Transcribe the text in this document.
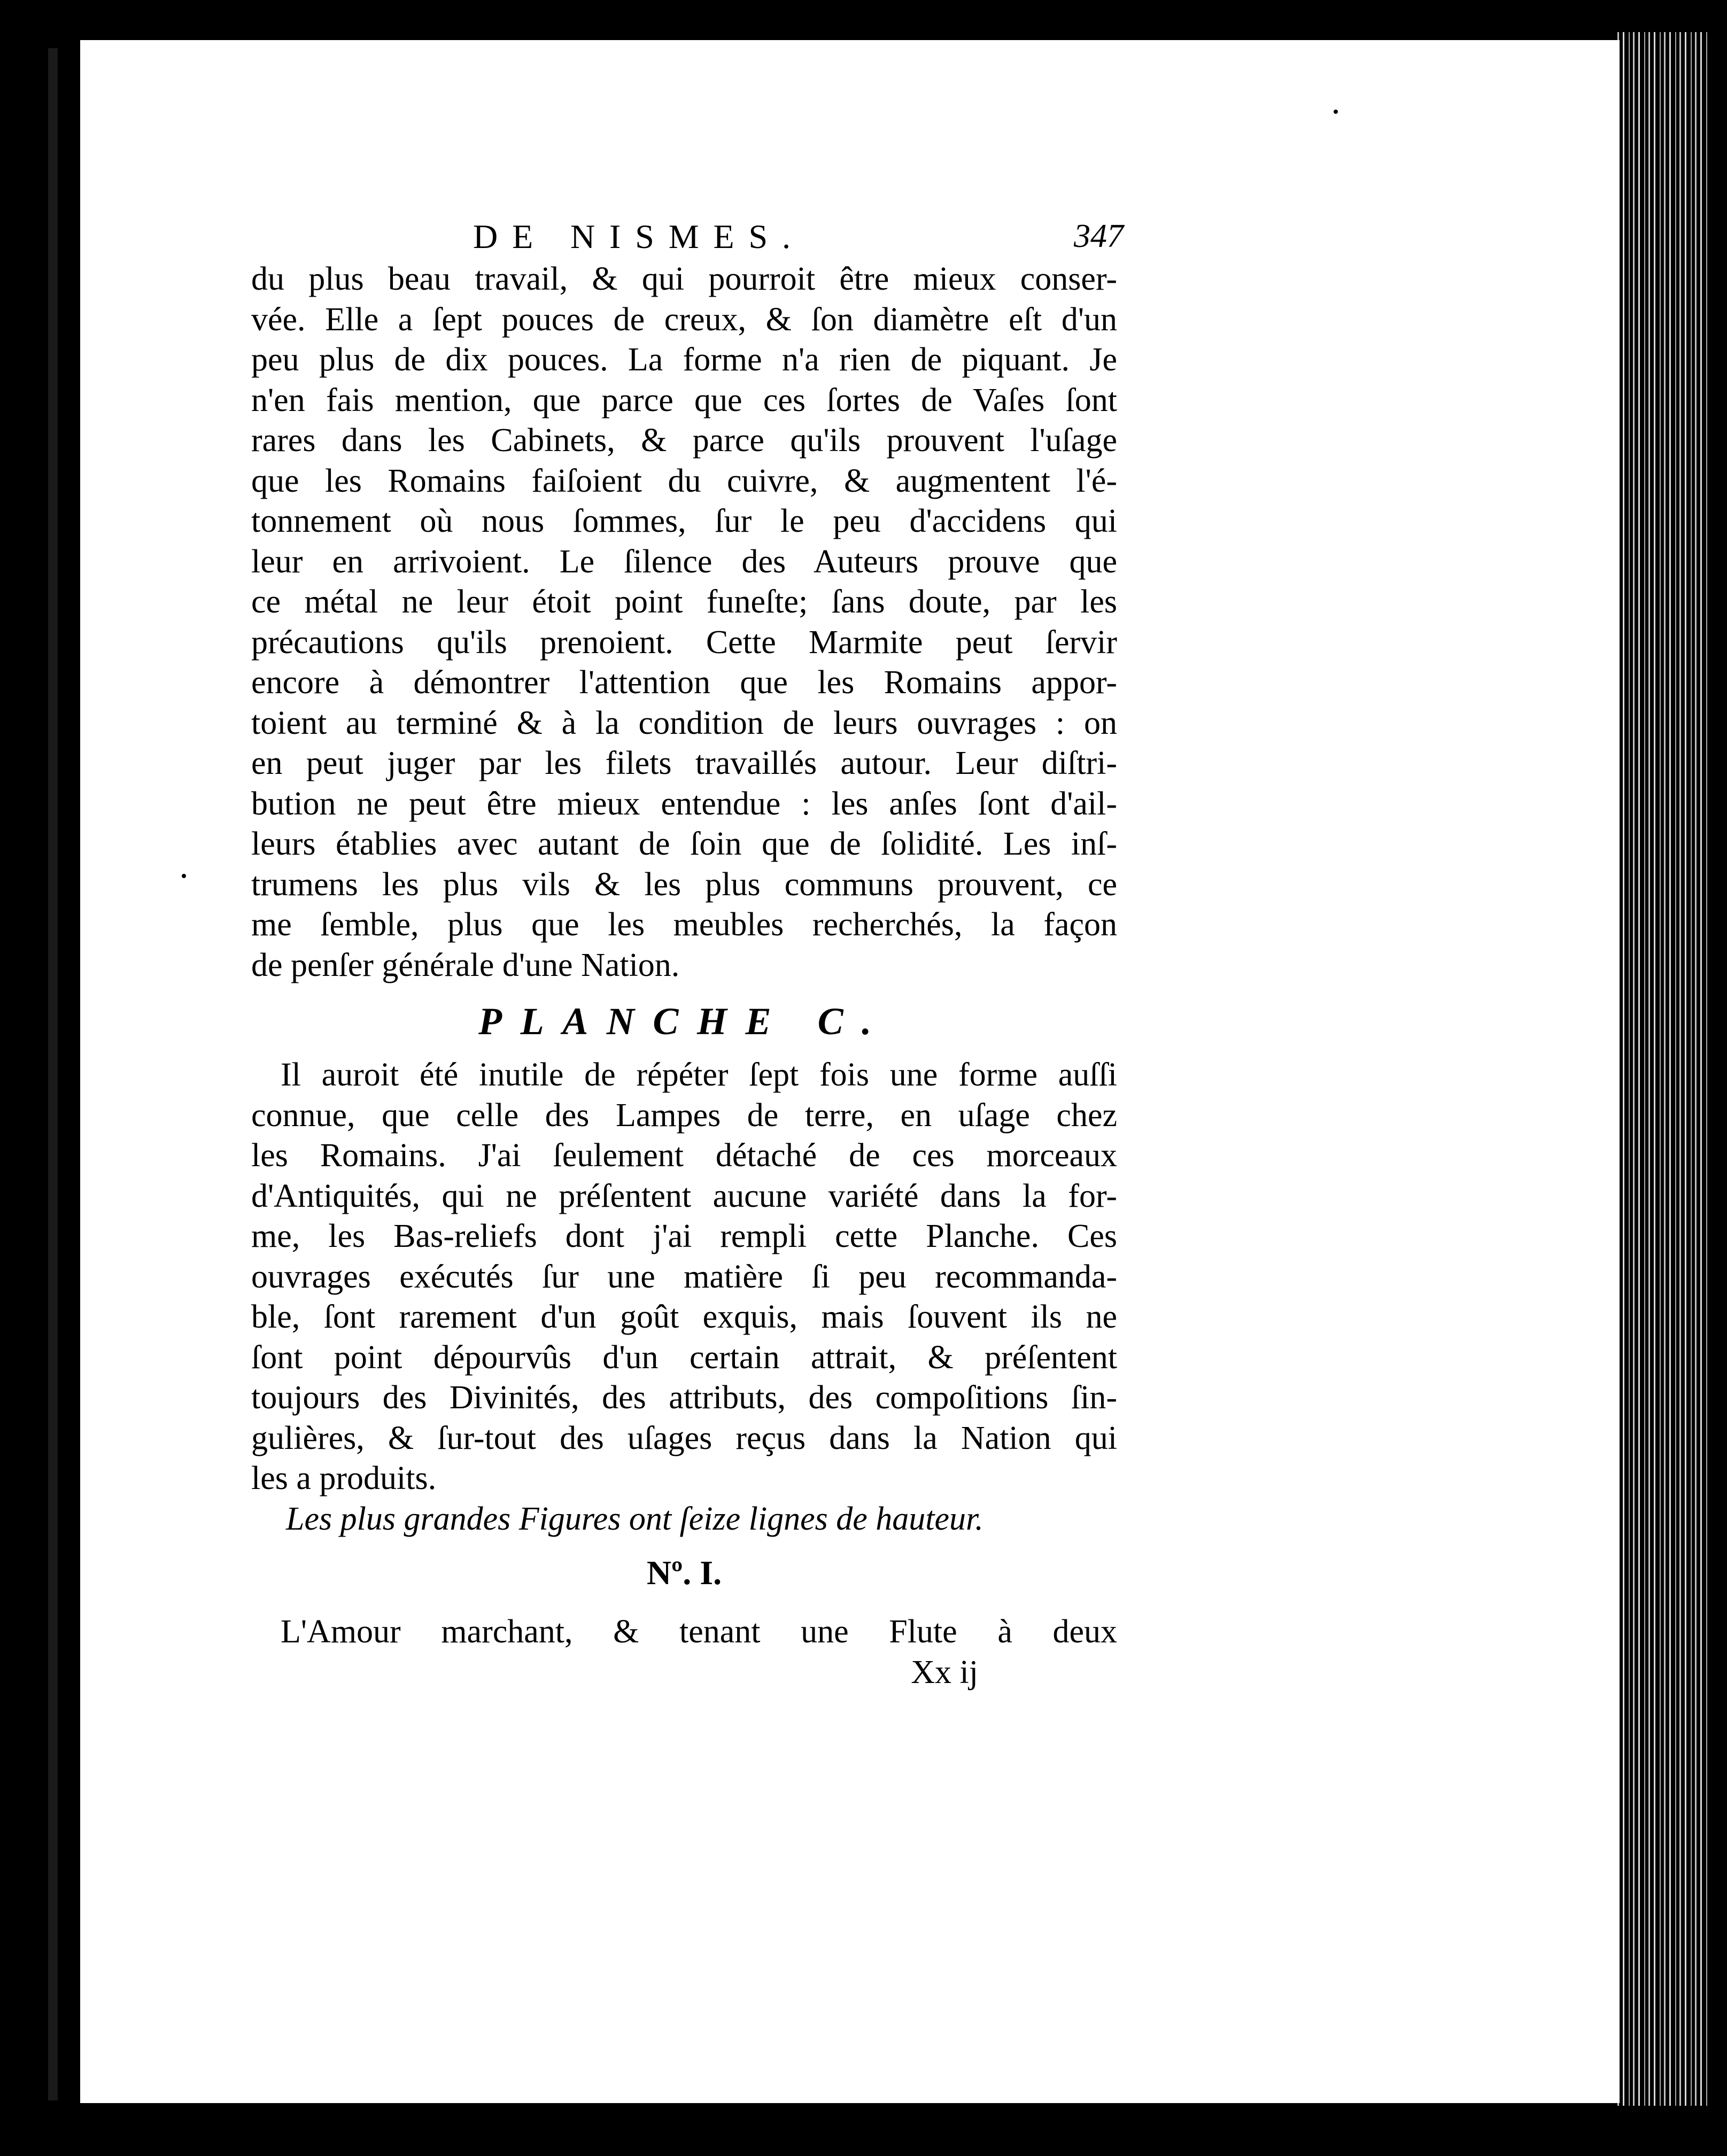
DE NISMES.	347
du plus beau travail, & qui pourroit être mieux conser-
vée. Elle a ſept pouces de creux, & ſon diamètre eſt d'un
peu plus de dix pouces. La forme n'a rien de piquant. Je
n'en fais mention, que parce que ces ſortes de Vaſes ſont
rares dans les Cabinets, & parce qu'ils prouvent l'uſage
que les Romains faiſoient du cuivre, & augmentent l'é-
tonnement où nous ſommes, ſur le peu d'accidens qui
leur en arrivoient. Le ſilence des Auteurs prouve que
ce métal ne leur étoit point funeſte; ſans doute, par les
précautions qu'ils prenoient. Cette Marmite peut ſervir
encore à démontrer l'attention que les Romains appor-
toient au terminé & à la condition de leurs ouvrages : on
en peut juger par les filets travaillés autour. Leur diſtri-
bution ne peut être mieux entendue : les anſes ſont d'ail-
leurs établies avec autant de ſoin que de ſolidité. Les inſ-
trumens les plus vils & les plus communs prouvent, ce
me ſemble, plus que les meubles recherchés, la façon
de penſer générale d'une Nation.
PLANCHE C.
Il auroit été inutile de répéter ſept fois une forme auſſi
connue, que celle des Lampes de terre, en uſage chez
les Romains. J'ai ſeulement détaché de ces morceaux
d'Antiquités, qui ne préſentent aucune variété dans la for-
me, les Bas-reliefs dont j'ai rempli cette Planche. Ces
ouvrages exécutés ſur une matière ſi peu recommanda-
ble, ſont rarement d'un goût exquis, mais ſouvent ils ne
ſont point dépourvûs d'un certain attrait, & préſentent
toujours des Divinités, des attributs, des compoſitions ſin-
gulières, & ſur-tout des uſages reçus dans la Nation qui
les a produits.
Les plus grandes Figures ont ſeize lignes de hauteur.
Nº. I.
L'Amour marchant, & tenant une Flute à deux
Xx ij
